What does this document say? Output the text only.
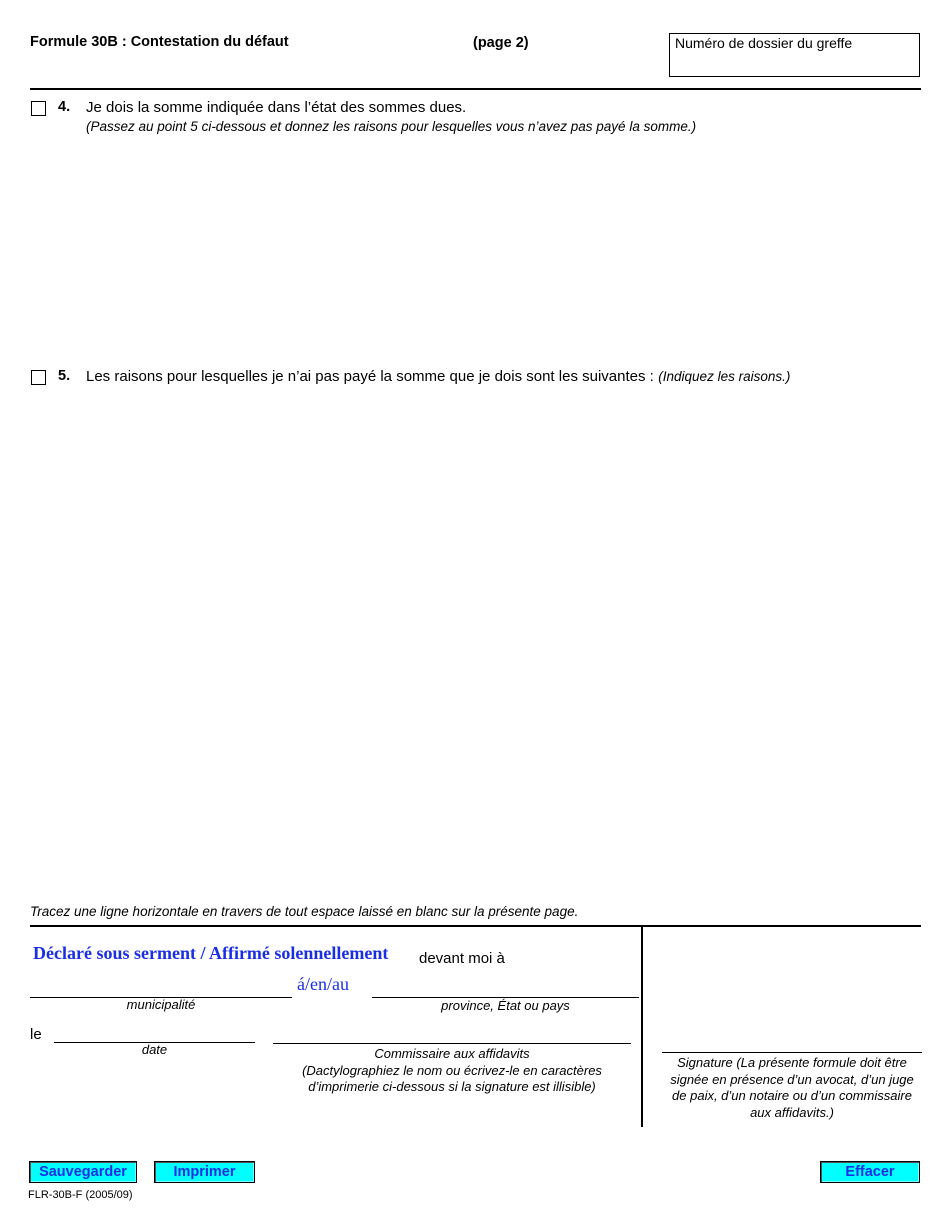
Formule 30B : Contestation du défaut	(page 2)	Numéro de dossier du greffe
4. Je dois la somme indiquée dans l’état des sommes dues.
(Passez au point 5 ci-dessous et donnez les raisons pour lesquelles vous n’avez pas payé la somme.)
5. Les raisons pour lesquelles je n’ai pas payé la somme que je dois sont les suivantes : (Indiquez les raisons.)
Tracez une ligne horizontale en travers de tout espace laissé en blanc sur la présente page.
Déclaré sous serment / Affirmé solennellement devant moi à
á/en/au
municipalité	province, État ou pays
le
date	Commissaire aux affidavits
(Dactylographiez le nom ou écrivez-le en caractères d’imprimerie ci-dessous si la signature est illisible)
Signature (La présente formule doit être signée en présence d’un avocat, d’un juge de paix, d’un notaire ou d’un commissaire aux affidavits.)
Sauvegarder	Imprimer	Effacer
FLR-30B-F (2005/09)
